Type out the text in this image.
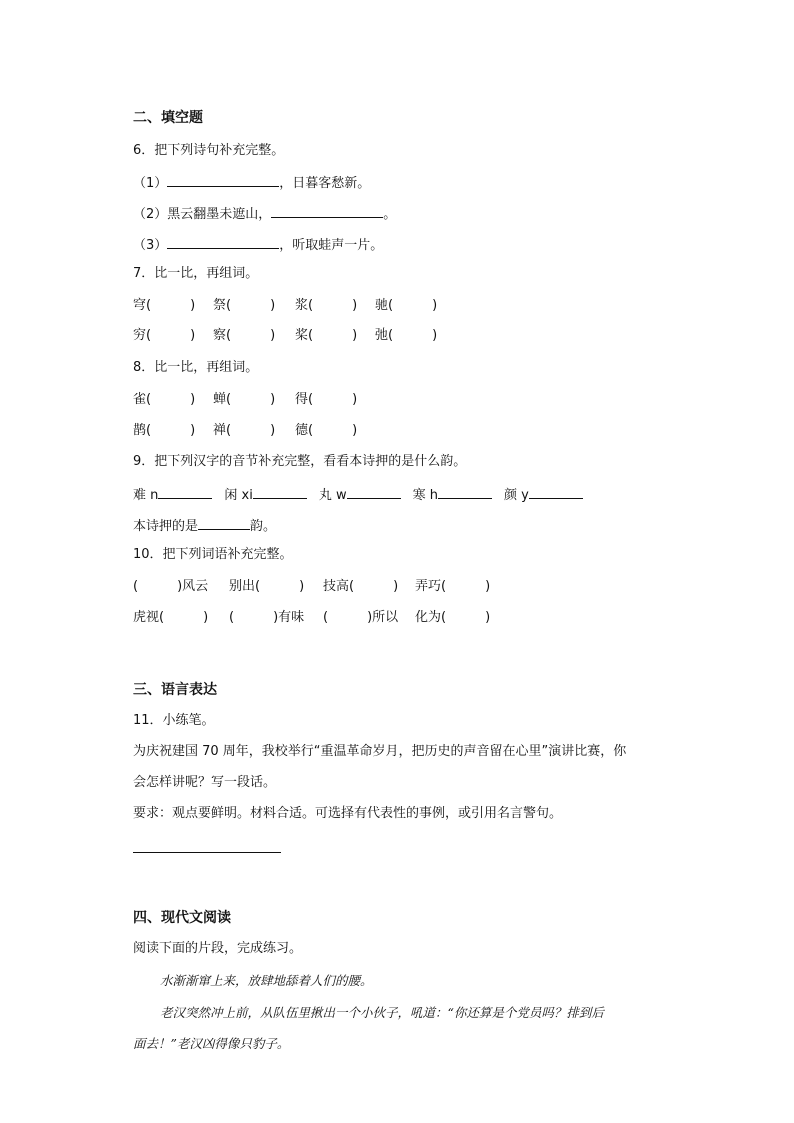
二、填空题
6．把下列诗句补充完整。
（1）	，日暮客愁新。
（2）黑云翻墨未遮山，	。
（3）	，听取蛙声一片。
7．比一比，再组词。
穹(　　　) 祭(　　　) 浆(　　　) 驰(　　　)
穷(　　　) 察(　　　) 桨(　　　) 弛(　　　)
8．比一比，再组词。
雀(　　　) 蝉(　　　) 得(　　　)
鹊(　　　) 禅(　　　) 德(　　　)
9．把下列汉字的音节补充完整，看看本诗押的是什么韵。
难 n	闲 xi	丸 w	寒 h	颜 y
本诗押的是	韵。
10．把下列词语补充完整。
(　　　)风云 别出(　　　) 技高(　　　) 弄巧(　　　)
虎视(　　　) (　　　)有味 (　　　)所以 化为(　　　)
三、语言表达
11．小练笔。
为庆祝建国 70 周年，我校举行“重温革命岁月，把历史的声音留在心里”演讲比赛，你
会怎样讲呢？写一段话。
要求：观点要鲜明。材料合适。可选择有代表性的事例，或引用名言警句。
四、现代文阅读
阅读下面的片段，完成练习。
水渐渐窜上来，放肆地舔着人们的腰。
老汉突然冲上前，从队伍里揪出一个小伙子，吼道：“你还算是个党员吗？排到后
面去！”老汉凶得像只豹子。
